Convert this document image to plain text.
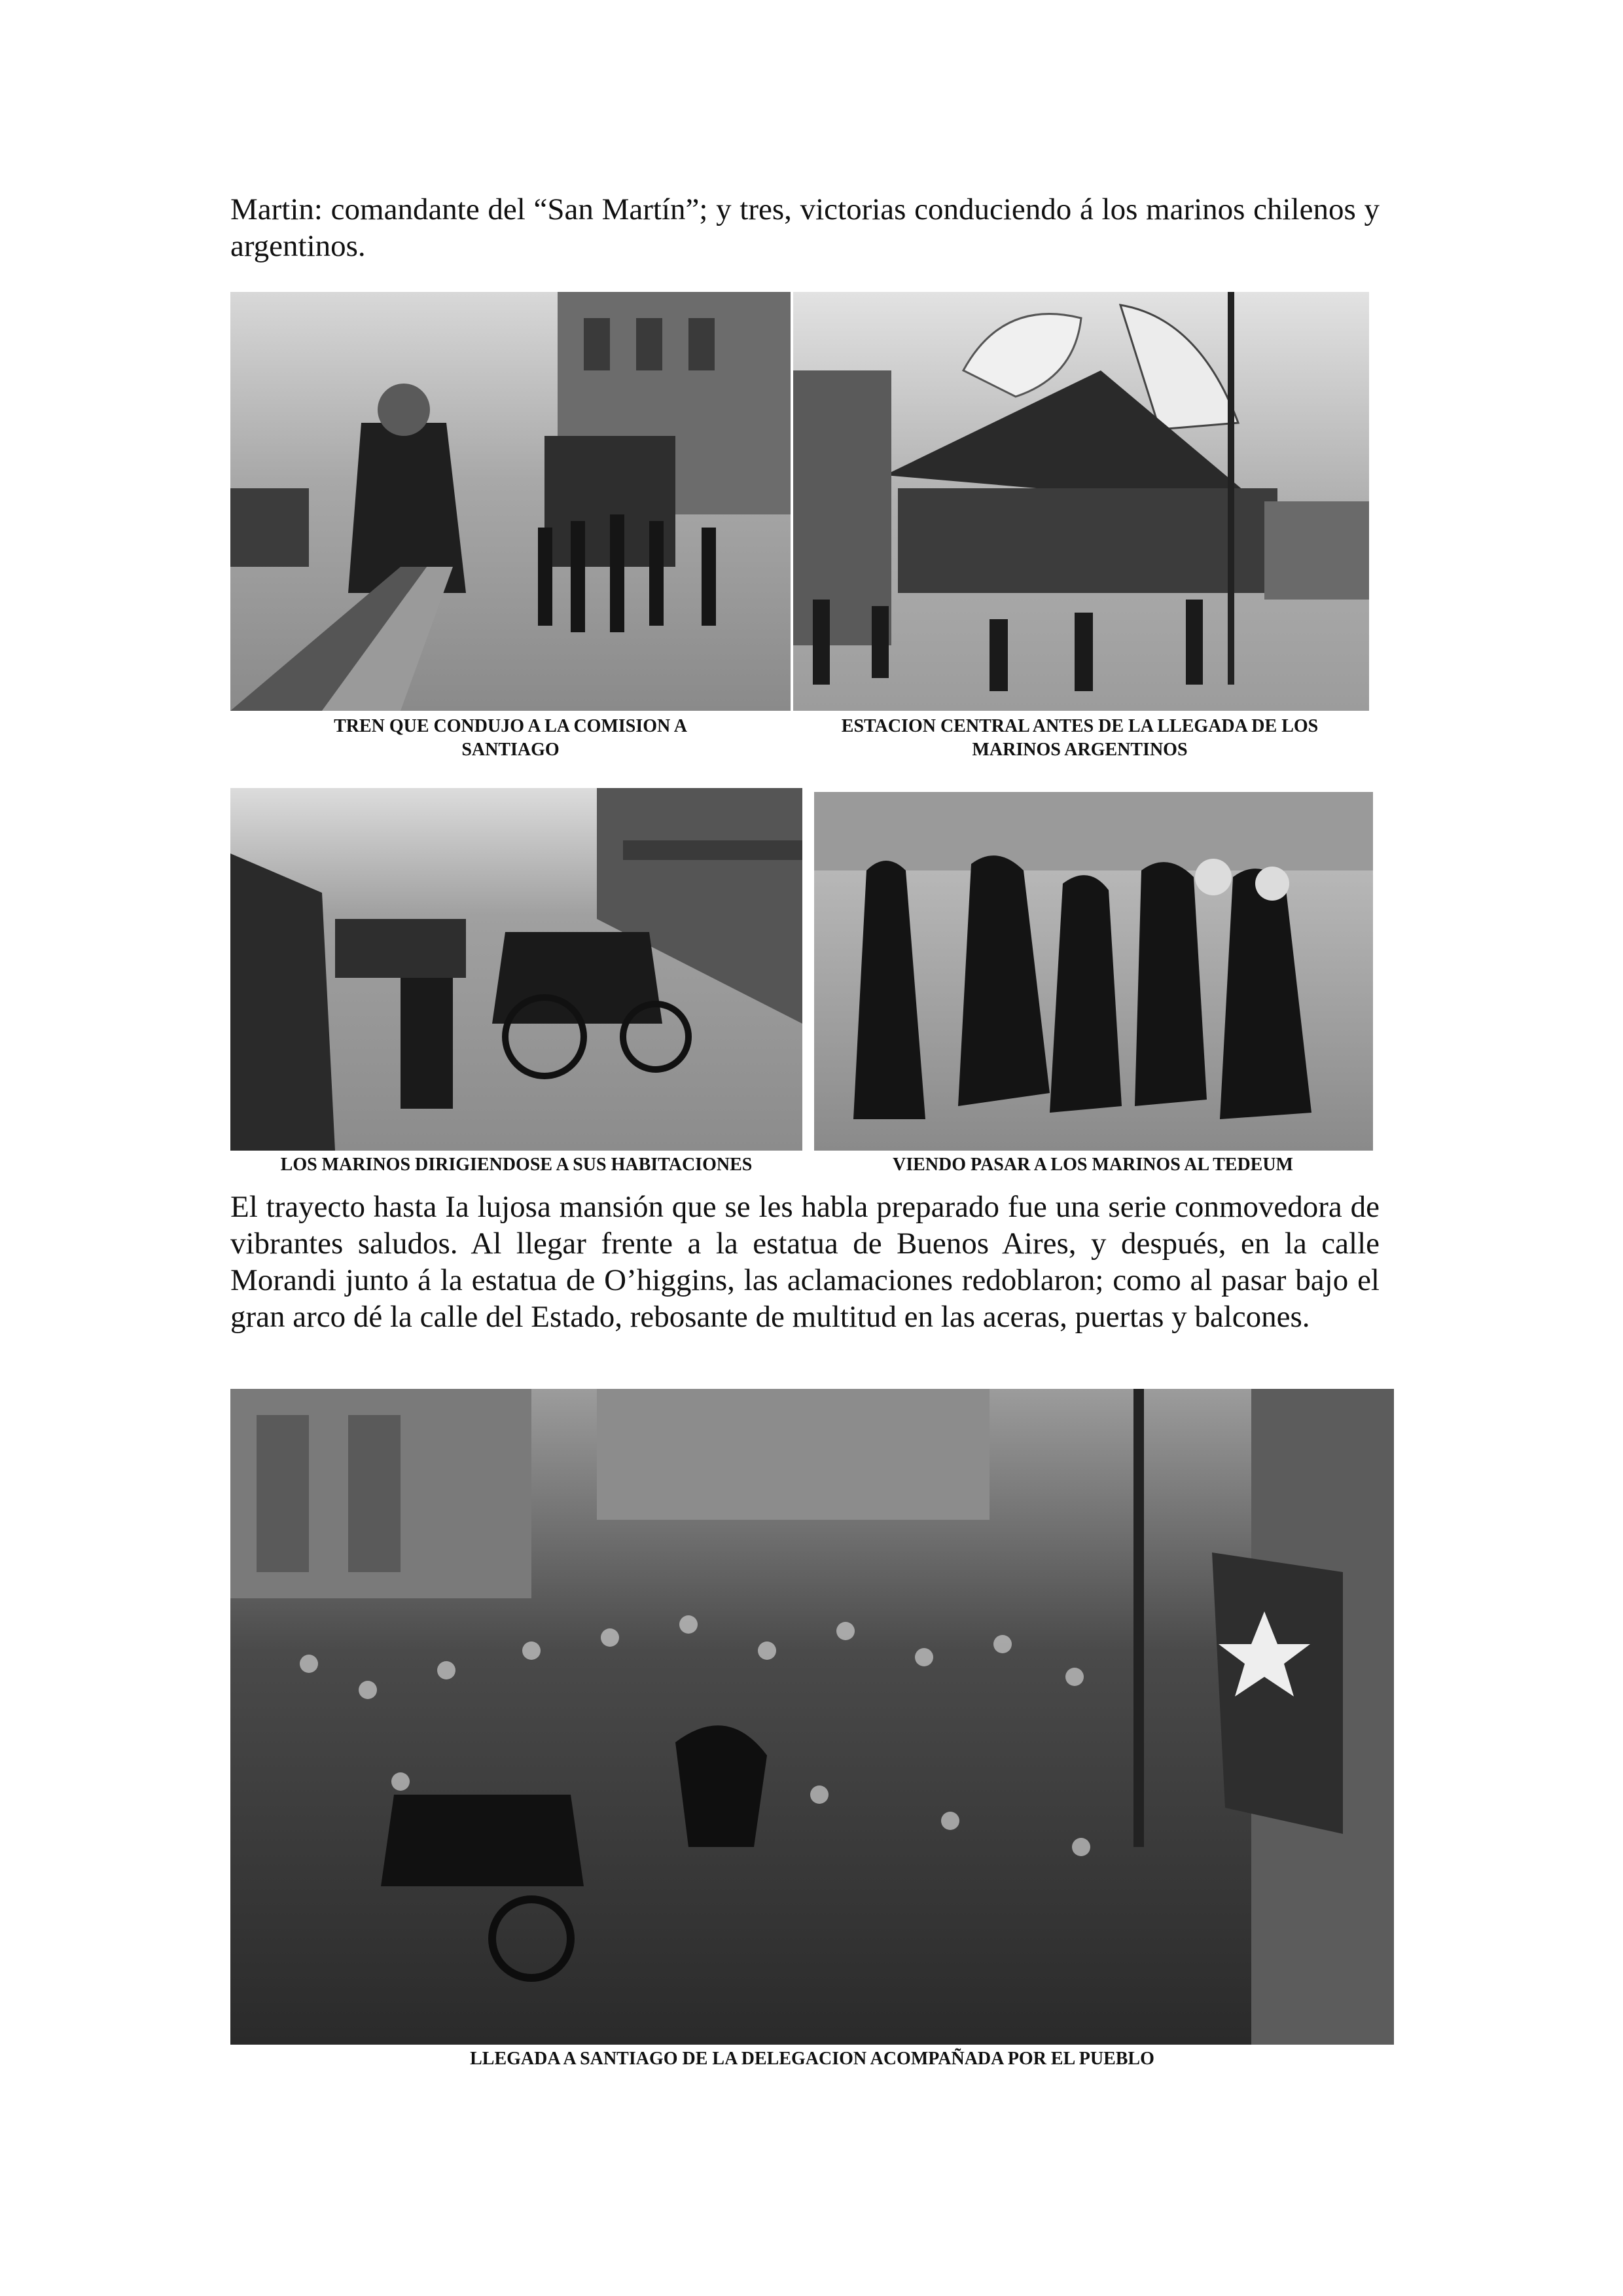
Martin: comandante del “San Martín”; y tres, victorias conduciendo á los marinos chilenos y argentinos.

TREN QUE CONDUJO A LA COMISION A SANTIAGO
ESTACION CENTRAL ANTES DE LA LLEGADA DE LOS MARINOS ARGENTINOS
LOS MARINOS DIRIGIENDOSE A SUS HABITACIONES	VIENDO PASAR A LOS MARINOS AL TEDEUM

El trayecto hasta Ia lujosa mansión que se les habla preparado fue una serie conmovedora de vibrantes saludos. Al llegar frente a la estatua de Buenos Aires, y después, en la calle Morandi junto á la estatua de O’higgins, las aclamaciones redoblaron; como al pasar bajo el gran arco dé la calle del Estado, rebosante de multitud en las aceras, puertas y balcones.

LLEGADA A SANTIAGO DE LA DELEGACION ACOMPAÑADA POR EL PUEBLO
